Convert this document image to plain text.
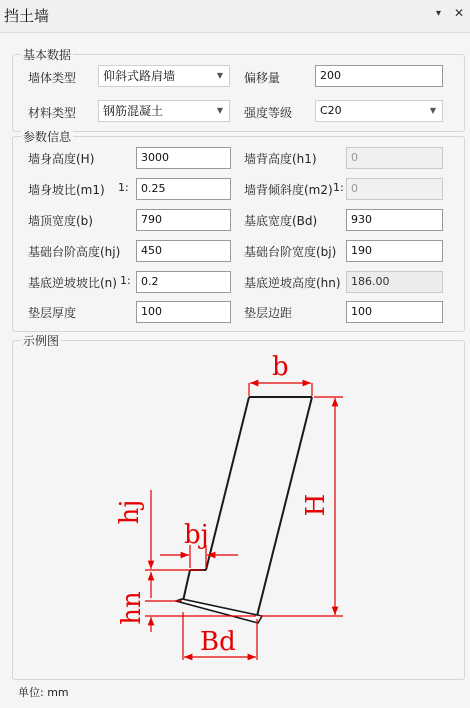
挡土墙	▾ ✕
基本数据
墙体类型	仰斜式路肩墙	▼ 偏移量	200
材料类型	钢筋混凝土	▼ 强度等级	C20	▼
参数信息
墙身高度(H)	3000	墙背高度(h1)	0
墙身坡比(m1) 1:	0.25	墙背倾斜度(m2) 1: 0
墙顶宽度(b)	790	基底宽度(Bd)	930
基础台阶高度(hj)	450	基础台阶宽度(bj)	190
基底逆坡坡比(n) 1: 0.2	基底逆坡高度(hn) 186.00
垫层厚度	100	垫层边距	100
示例图
b
H
hj
bj
hn
Bd
单位: mm
